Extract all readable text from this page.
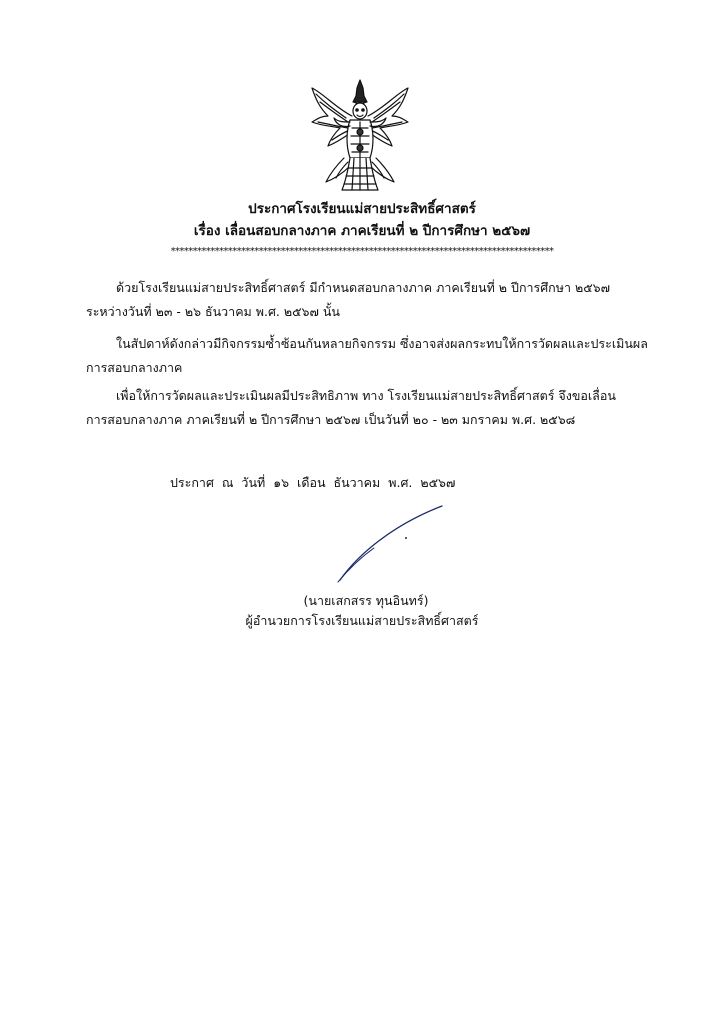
ประกาศโรงเรียนแม่สายประสิทธิ์ศาสตร์
เรื่อง เลื่อนสอบกลางภาค ภาคเรียนที่ ๒ ปีการศึกษา ๒๕๖๗
***************************************************************************************
ด้วยโรงเรียนแม่สายประสิทธิ์ศาสตร์ มีกำหนดสอบกลางภาค ภาคเรียนที่ ๒ ปีการศึกษา ๒๕๖๗
ระหว่างวันที่ ๒๓ - ๒๖ ธันวาคม พ.ศ. ๒๕๖๗ นั้น
ในสัปดาห์ดังกล่าวมีกิจกรรมซ้ำซ้อนกันหลายกิจกรรม ซึ่งอาจส่งผลกระทบให้การวัดผลและประเมินผล
การสอบกลางภาค
เพื่อให้การวัดผลและประเมินผลมีประสิทธิภาพ ทาง โรงเรียนแม่สายประสิทธิ์ศาสตร์ จึงขอเลื่อน
การสอบกลางภาค ภาคเรียนที่ ๒ ปีการศึกษา ๒๕๖๗ เป็นวันที่ ๒๐ - ๒๓ มกราคม พ.ศ. ๒๕๖๘
ประกาศ ณ วันที่ ๑๖ เดือน ธันวาคม พ.ศ. ๒๕๖๗
(นายเสกสรร ทุนอินทร์)
ผู้อำนวยการโรงเรียนแม่สายประสิทธิ์ศาสตร์
